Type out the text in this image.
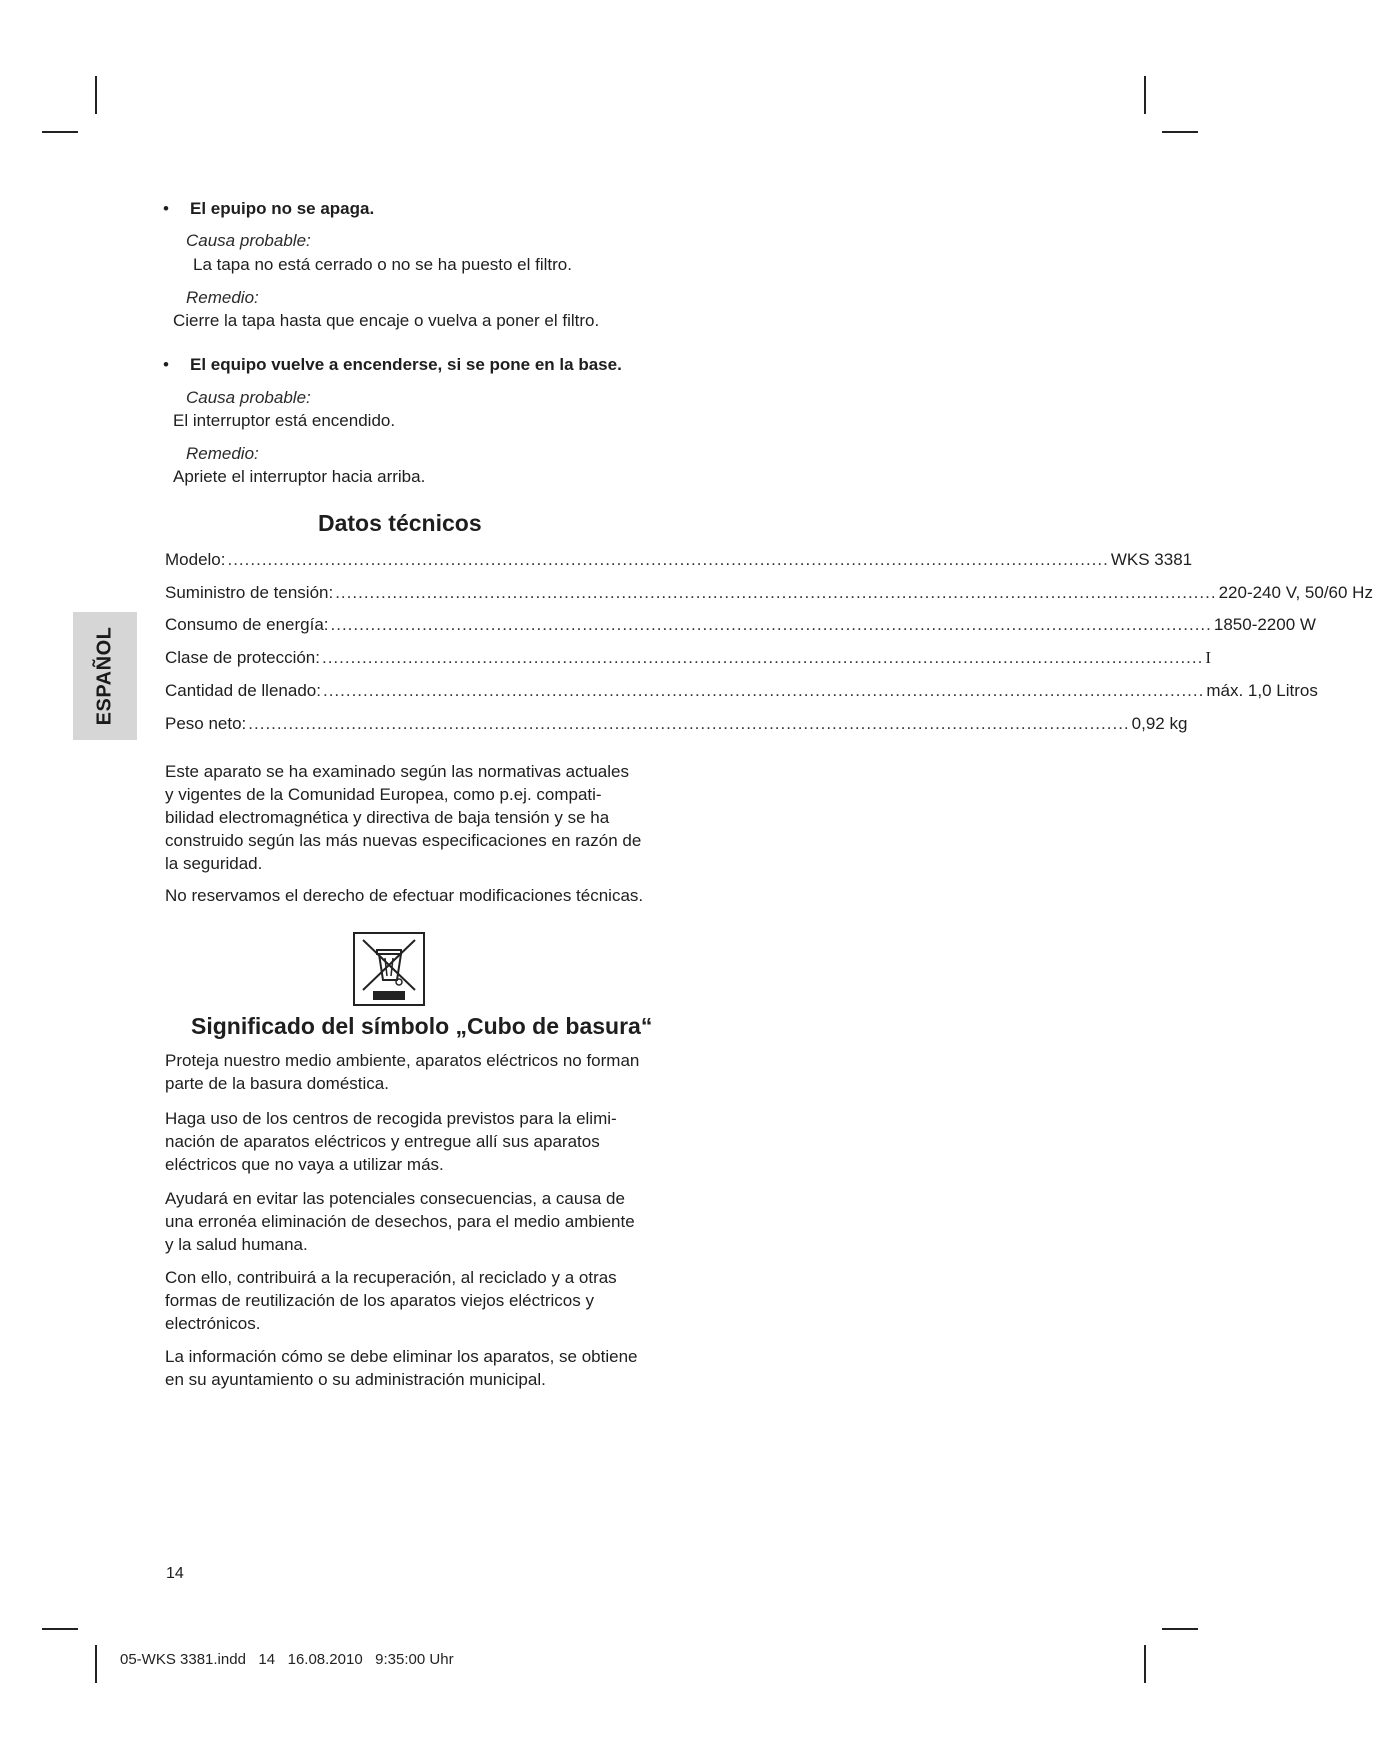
• El epuipo no se apaga.
Causa probable:
La tapa no está cerrado o no se ha puesto el filtro.
Remedio:
Cierre la tapa hasta que encaje o vuelva a poner el filtro.
• El equipo vuelve a encenderse, si se pone en la base.
Causa probable:
El interruptor está encendido.
Remedio:
Apriete el interruptor hacia arriba.
ESPAÑOL
Datos técnicos
Modelo: .......................................................................................................................................................... WKS 3381
Suministro de tensión: .......................................................................................................................................................... 220-240 V, 50/60 Hz
Consumo de energía: .......................................................................................................................................................... 1850-2200 W
Clase de protección: .......................................................................................................................................................... I
Cantidad de llenado: .......................................................................................................................................................... máx. 1,0 Litros
Peso neto: .......................................................................................................................................................... 0,92 kg
Este aparato se ha examinado según las normativas actuales
y vigentes de la Comunidad Europea, como p.ej. compati-
bilidad electromagnética y directiva de baja tensión y se ha
construido según las más nuevas especificaciones en razón de
la seguridad.
No reservamos el derecho de efectuar modificaciones técnicas.
Significado del símbolo „Cubo de basura“
Proteja nuestro medio ambiente, aparatos eléctricos no forman
parte de la basura doméstica.
Haga uso de los centros de recogida previstos para la elimi-
nación de aparatos eléctricos y entregue allí sus aparatos
eléctricos que no vaya a utilizar más.
Ayudará en evitar las potenciales consecuencias, a causa de
una erronéa eliminación de desechos, para el medio ambiente
y la salud humana.
Con ello, contribuirá a la recuperación, al reciclado y a otras
formas de reutilización de los aparatos viejos eléctricos y
electrónicos.
La información cómo se debe eliminar los aparatos, se obtiene
en su ayuntamiento o su administración municipal.
14
05-WKS 3381.indd   14   16.08.2010   9:35:00 Uhr
